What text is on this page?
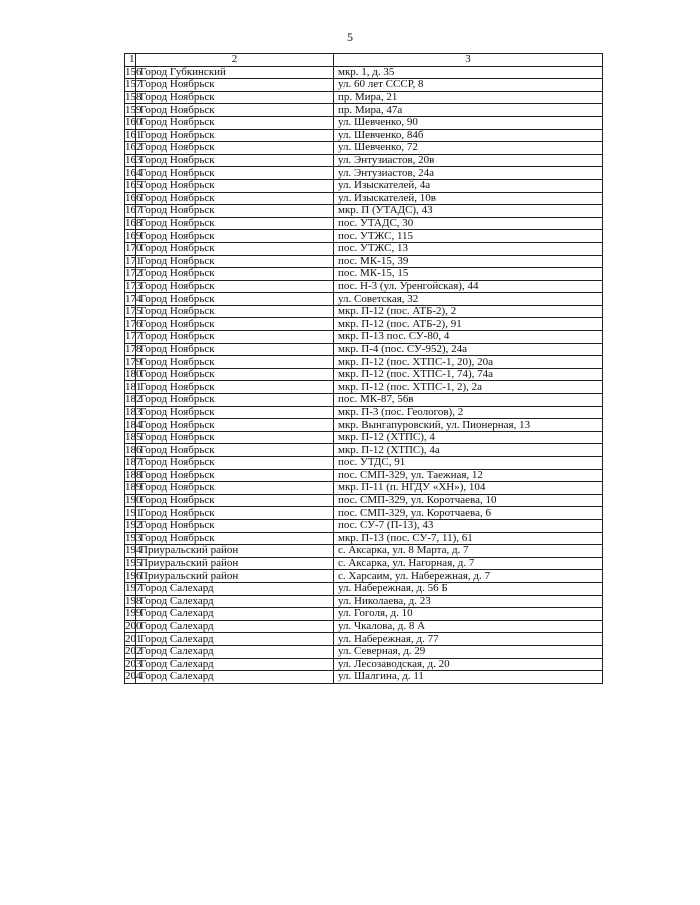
5
1	2	3
156	Город Губкинский	мкр. 1, д. 35
157	Город Ноябрьск	ул. 60 лет СССР, 8
158	Город Ноябрьск	пр. Мира, 21
159	Город Ноябрьск	пр. Мира, 47а
160	Город Ноябрьск	ул. Шевченко, 90
161	Город Ноябрьск	ул. Шевченко, 84б
162	Город Ноябрьск	ул. Шевченко, 72
163	Город Ноябрьск	ул. Энтузиастов, 20в
164	Город Ноябрьск	ул. Энтузиастов, 24а
165	Город Ноябрьск	ул. Изыскателей, 4а
166	Город Ноябрьск	ул. Изыскателей, 10в
167	Город Ноябрьск	мкр. П (УТАДС), 43
168	Город Ноябрьск	пос. УТАДС, 30
169	Город Ноябрьск	пос. УТЖС, 115
170	Город Ноябрьск	пос. УТЖС, 13
171	Город Ноябрьск	пос. МК-15, 39
172	Город Ноябрьск	пос. МК-15, 15
173	Город Ноябрьск	пос. Н-3 (ул. Уренгойская), 44
174	Город Ноябрьск	ул. Советская, 32
175	Город Ноябрьск	мкр. П-12 (пос. АТБ-2), 2
176	Город Ноябрьск	мкр. П-12 (пос. АТБ-2), 91
177	Город Ноябрьск	мкр. П-13 пос. СУ-80, 4
178	Город Ноябрьск	мкр. П-4 (пос. СУ-952), 24а
179	Город Ноябрьск	мкр. П-12 (пос. ХТПС-1, 20), 20а
180	Город Ноябрьск	мкр. П-12 (пос. ХТПС-1, 74), 74а
181	Город Ноябрьск	мкр. П-12 (пос. ХТПС-1, 2), 2а
182	Город Ноябрьск	пос. МК-87, 56в
183	Город Ноябрьск	мкр. П-3 (пос. Геологов), 2
184	Город Ноябрьск	мкр. Вынгапуровский, ул. Пионерная, 13
185	Город Ноябрьск	мкр. П-12 (ХТПС), 4
186	Город Ноябрьск	мкр. П-12 (ХТПС), 4а
187	Город Ноябрьск	пос. УТДС, 91
188	Город Ноябрьск	пос. СМП-329, ул. Таежная, 12
189	Город Ноябрьск	мкр. П-11 (п. НГДУ «ХН»), 104
190	Город Ноябрьск	пос. СМП-329, ул. Коротчаева, 10
191	Город Ноябрьск	пос. СМП-329, ул. Коротчаева, 6
192	Город Ноябрьск	пос. СУ-7 (П-13), 43
193	Город Ноябрьск	мкр. П-13 (пос. СУ-7, 11), 61
194	Приуральский район	с. Аксарка, ул. 8 Марта, д. 7
195	Приуральский район	с. Аксарка, ул. Нагорная, д. 7
196	Приуральский район	с. Харсаим, ул. Набережная, д. 7
197	Город Салехард	ул. Набережная, д. 56 Б
198	Город Салехард	ул. Николаева, д. 23
199	Город Салехард	ул. Гоголя, д. 10
200	Город Салехард	ул. Чкалова, д. 8 А
201	Город Салехард	ул. Набережная, д. 77
202	Город Салехард	ул. Северная, д. 29
203	Город Салехард	ул. Лесозаводская, д. 20
204	Город Салехард	ул. Шалгина, д. 11
